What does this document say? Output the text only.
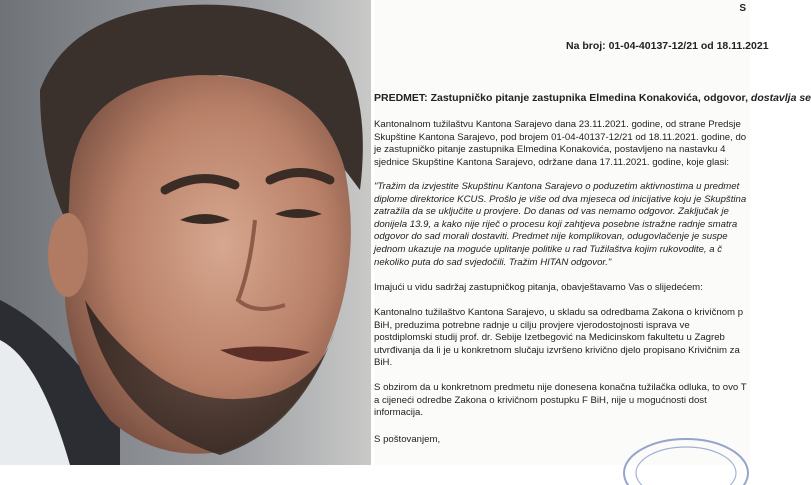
S
Na broj: 01-04-40137-12/21 od 18.11.2021
PREDMET: Zastupničko pitanje zastupnika Elmedina Konakovića, odgovor, dostavlja se

Kantonalnom tužilaštvu Kantona Sarajevo dana 23.11.2021. godine, od strane Predsje
Skupštine Kantona Sarajevo, pod brojem 01-04-40137-12/21 od 18.11.2021. godine, do
je zastupničko pitanje zastupnika Elmedina Konakovića, postavljeno na nastavku 4
sjednice Skupštine Kantona Sarajevo, održane dana 17.11.2021. godine, koje glasi:

"Tražim da izvjestite Skupštinu Kantona Sarajevo o poduzetim aktivnostima u predmet
diplome direktorice KCUS. Prošlo je više od dva mjeseca od inicijative koju je Skupština
zatražila da se uključite u provjere. Do danas od vas nemamo odgovor. Zaključak je
donijela 13.9, a kako nije riječ o procesu koji zahtjeva posebne istražne radnje smatra
odgovor do sad morali dostaviti. Predmet nije komplikovan, odugovlačenje je suspe
jednom ukazuje na moguće uplitanje politike u rad Tužilaštva kojim rukovodite, a č
nekoliko puta do sad svjedočili. Tražim HITAN odgovor."

Imajući u vidu sadržaj zastupničkog pitanja, obavještavamo Vas o slijedećem:

Kantonalno tužilaštvo Kantona Sarajevo, u skladu sa odredbama Zakona o krivičnom p
BiH, preduzima potrebne radnje u cilju provjere vjerodostojnosti isprava ve
postdiplomski studij prof. dr. Sebije Izetbegović na Medicinskom fakultetu u Zagreb
utvrđivanja da li je u konkretnom slučaju izvršeno krivično djelo propisano Krivičnim za
BiH.

S obzirom da u konkretnom predmetu nije donesena konačna tužilačka odluka, to ovo T
a cijeneći odredbe Zakona o krivičnom postupku F BiH, nije u mogućnosti dost
informacija.

S poštovanjem,
